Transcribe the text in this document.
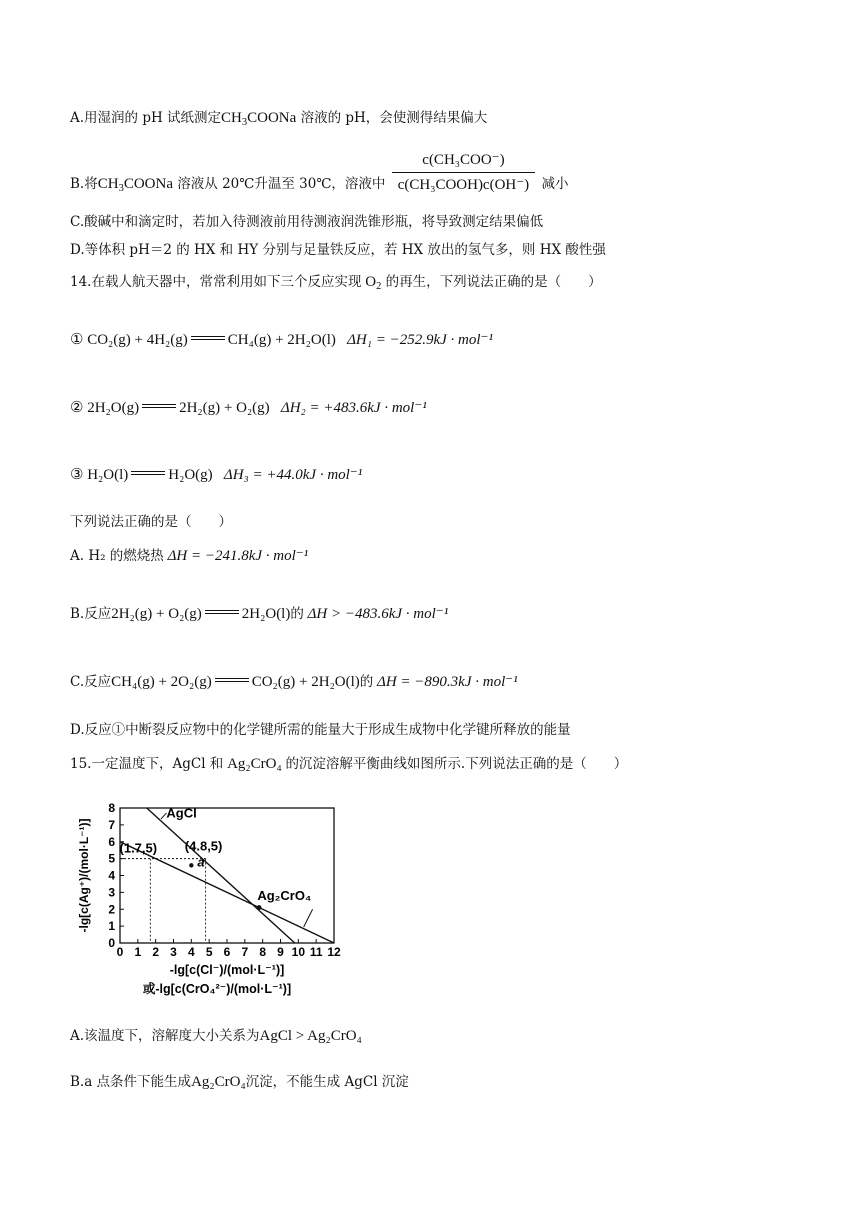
A.用湿润的 pH 试纸测定$CH_3COONa$ 溶液的 pH，会使测得结果偏大
B.将$CH_3COONa$ 溶液从 20℃升温至 30℃，溶液中 $\frac{\text{c(CH₃COO⁻)}}{\text{c(CH₃COOH)c(OH⁻)}}$ 减小
C.酸碱中和滴定时，若加入待测液前用待测液润洗锥形瓶，将导致测定结果偏低
D.等体积 pH＝2 的 HX 和 HY 分别与足量铁反应，若 HX 放出的氢气多，则 HX 酸性强
14.在载人航天器中，常常利用如下三个反应实现 $O_2$ 的再生，下列说法正确的是（　　）
① CO₂(g) + 4H₂(g)	CH₄(g) + 2H₂O(l) ΔH₁ = −252.9kJ · mol⁻¹
② 2H₂O(g)	2H₂(g) + O₂(g) ΔH₂ = +483.6kJ · mol⁻¹
③ H₂O(l)	H₂O(g) ΔH₃ = +44.0kJ · mol⁻¹
下列说法正确的是（　　）
A. H₂ 的燃烧热 ΔH = −241.8kJ · mol⁻¹
B.反应2H₂(g) + O₂(g)	2H₂O(l)的 ΔH > −483.6kJ · mol⁻¹
C.反应CH₄(g) + 2O₂(g)	CO₂(g) + 2H₂O(l)的 ΔH = −890.3kJ · mol⁻¹
D.反应①中断裂反应物中的化学键所需的能量大于形成生成物中化学键所释放的能量
15.一定温度下，AgCl 和 Ag₂CrO₄ 的沉淀溶解平衡曲线如图所示.下列说法正确的是（　　）
0 1 2 3 4 5 6 7 8 9 10 11 12
0
1
2
3
4
5
6
7
8	AgCl
Ag₂CrO₄
(1.7,5) (4.8,5)
a
-lg[c(Ag⁺)/(mol·L⁻¹)]
-lg[c(Cl⁻)/(mol·L⁻¹)]
或-lg[c(CrO₄²⁻)/(mol·L⁻¹)]
A.该温度下，溶解度大小关系为AgCl > Ag₂CrO₄
B.a 点条件下能生成Ag₂CrO₄沉淀，不能生成 AgCl 沉淀
